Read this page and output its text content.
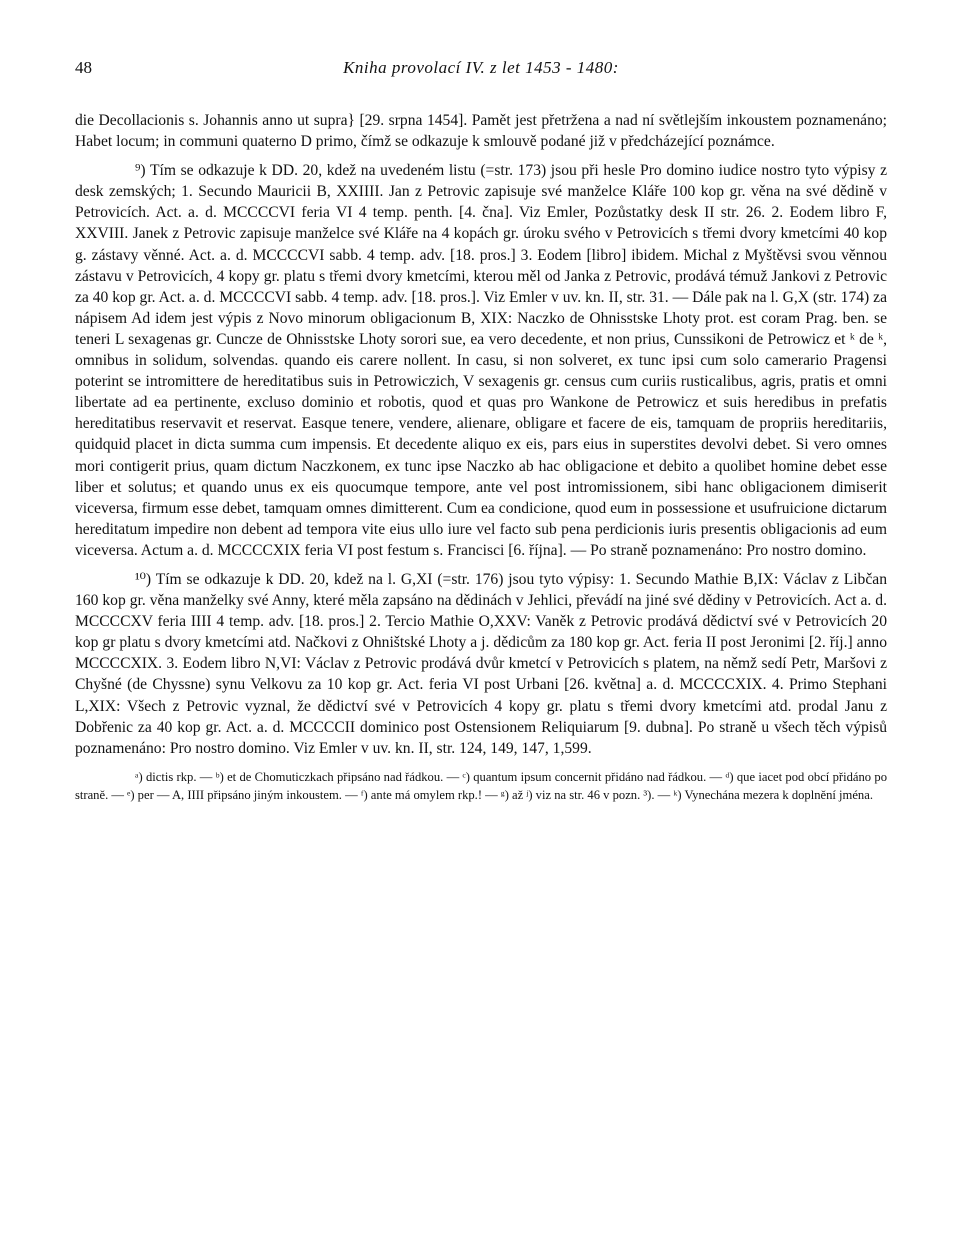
48	Kniha provolací IV. z let 1453 - 1480:

die Decollacionis s. Johannis anno ut supra} [29. srpna 1454]. Pamět jest přetržena a nad ní světlejším inkoustem poznamenáno; Habet locum; in communi quaterno D primo, čímž se odkazuje k smlouvě podané již v předcházející poznámce.

⁹) Tím se odkazuje k DD. 20, kdež na uvedeném listu (=str. 173) jsou při hesle Pro domino iudice nostro tyto výpisy z desk zemských; 1. Secundo Mauricii B, XXIIII. Jan z Petrovic zapisuje své manželce Kláře 100 kop gr. věna na své dědině v Petrovicích. Act. a. d. MCCCCVI feria VI 4 temp. penth. [4. čna]. Viz Emler, Pozůstatky desk II str. 26. 2. Eodem libro F, XXVIII. Janek z Petrovic zapisuje manželce své Kláře na 4 kopách gr. úroku svého v Petrovicích s třemi dvory kmetcími 40 kop g. zástavy věnné. Act. a. d. MCCCCVI sabb. 4 temp. adv. [18. pros.] 3. Eodem [libro] ibidem. Michal z Myštěvsi svou věnnou zástavu v Petrovicích, 4 kopy gr. platu s třemi dvory kmetcími, kterou měl od Janka z Petrovic, prodává témuž Jankovi z Petrovic za 40 kop gr. Act. a. d. MCCCCVI sabb. 4 temp. adv. [18. pros.]. Viz Emler v uv. kn. II, str. 31. — Dále pak na l. G,X (str. 174) za nápisem Ad idem jest výpis z Novo minorum obligacionum B, XIX: Naczko de Ohnisstske Lhoty prot. est coram Prag. ben. se teneri L sexagenas gr. Cuncze de Ohnisstske Lhoty sorori sue, ea vero decedente, et non prius, Cunssikoni de Petrowicz et ᵏ de ᵏ, omnibus in solidum, solvendas. quando eis carere nollent. In casu, si non solveret, ex tunc ipsi cum solo camerario Pragensi poterint se intromittere de hereditatibus suis in Petrowiczich, V sexagenis gr. census cum curiis rusticalibus, agris, pratis et omni libertate ad ea pertinente, excluso dominio et robotis, quod et quas pro Wankone de Petrowicz et suis heredibus in prefatis hereditatibus reservavit et reservat. Easque tenere, vendere, alienare, obligare et facere de eis, tamquam de propriis hereditariis, quidquid placet in dicta summa cum impensis. Et decedente aliquo ex eis, pars eius in superstites devolvi debet. Si vero omnes mori contigerit prius, quam dictum Naczkonem, ex tunc ipse Naczko ab hac obligacione et debito a quolibet homine debet esse liber et solutus; et quando unus ex eis quocumque tempore, ante vel post intromissionem, sibi hanc obligacionem dimiserit viceversa, firmum esse debet, tamquam omnes dimitterent. Cum ea condicione, quod eum in possessione et usufruicione dictarum hereditatum impedire non debent ad tempora vite eius ullo iure vel facto sub pena perdicionis iuris presentis obligacionis ad eum viceversa. Actum a. d. MCCCCXIX feria VI post festum s. Francisci [6. října]. — Po straně poznamenáno: Pro nostro domino.

¹⁰) Tím se odkazuje k DD. 20, kdež na l. G,XI (=str. 176) jsou tyto výpisy: 1. Secundo Mathie B,IX: Václav z Libčan 160 kop gr. věna manželky své Anny, které měla zapsáno na dědinách v Jehlici, převádí na jiné své dědiny v Petrovicích. Act a. d. MCCCCXV feria IIII 4 temp. adv. [18. pros.] 2. Tercio Mathie O,XXV: Vaněk z Petrovic prodává dědictví své v Petrovicích 20 kop gr platu s dvory kmetcími atd. Načkovi z Ohništské Lhoty a j. dědicům za 180 kop gr. Act. feria II post Jeronimi [2. říj.] anno MCCCCXIX. 3. Eodem libro N,VI: Václav z Petrovic prodává dvůr kmetcí v Petrovicích s platem, na němž sedí Petr, Maršovi z Chyšné (de Chyssne) synu Velkovu za 10 kop gr. Act. feria VI post Urbani [26. května] a. d. MCCCCXIX. 4. Primo Stephani L,XIX: Všech z Petrovic vyznal, že dědictví své v Petrovicích 4 kopy gr. platu s třemi dvory kmetcími atd. prodal Janu z Dobřenic za 40 kop gr. Act. a. d. MCCCCII dominico post Ostensionem Reliquiarum [9. dubna]. Po straně u všech těch výpisů poznamenáno: Pro nostro domino. Viz Emler v uv. kn. II, str. 124, 149, 147, 1,599.

ᵃ) dictis rkp. — ᵇ) et de Chomuticzkach připsáno nad řádkou. — ᶜ) quantum ipsum concernit přidáno nad řádkou. — ᵈ) que iacet pod obcí přidáno po straně. — ᵉ) per — A, IIII připsáno jiným inkoustem. — ᶠ) ante má omylem rkp.! — ᵍ) až ʲ) viz na str. 46 v pozn. ³). — ᵏ) Vynechána mezera k doplnění jména.
